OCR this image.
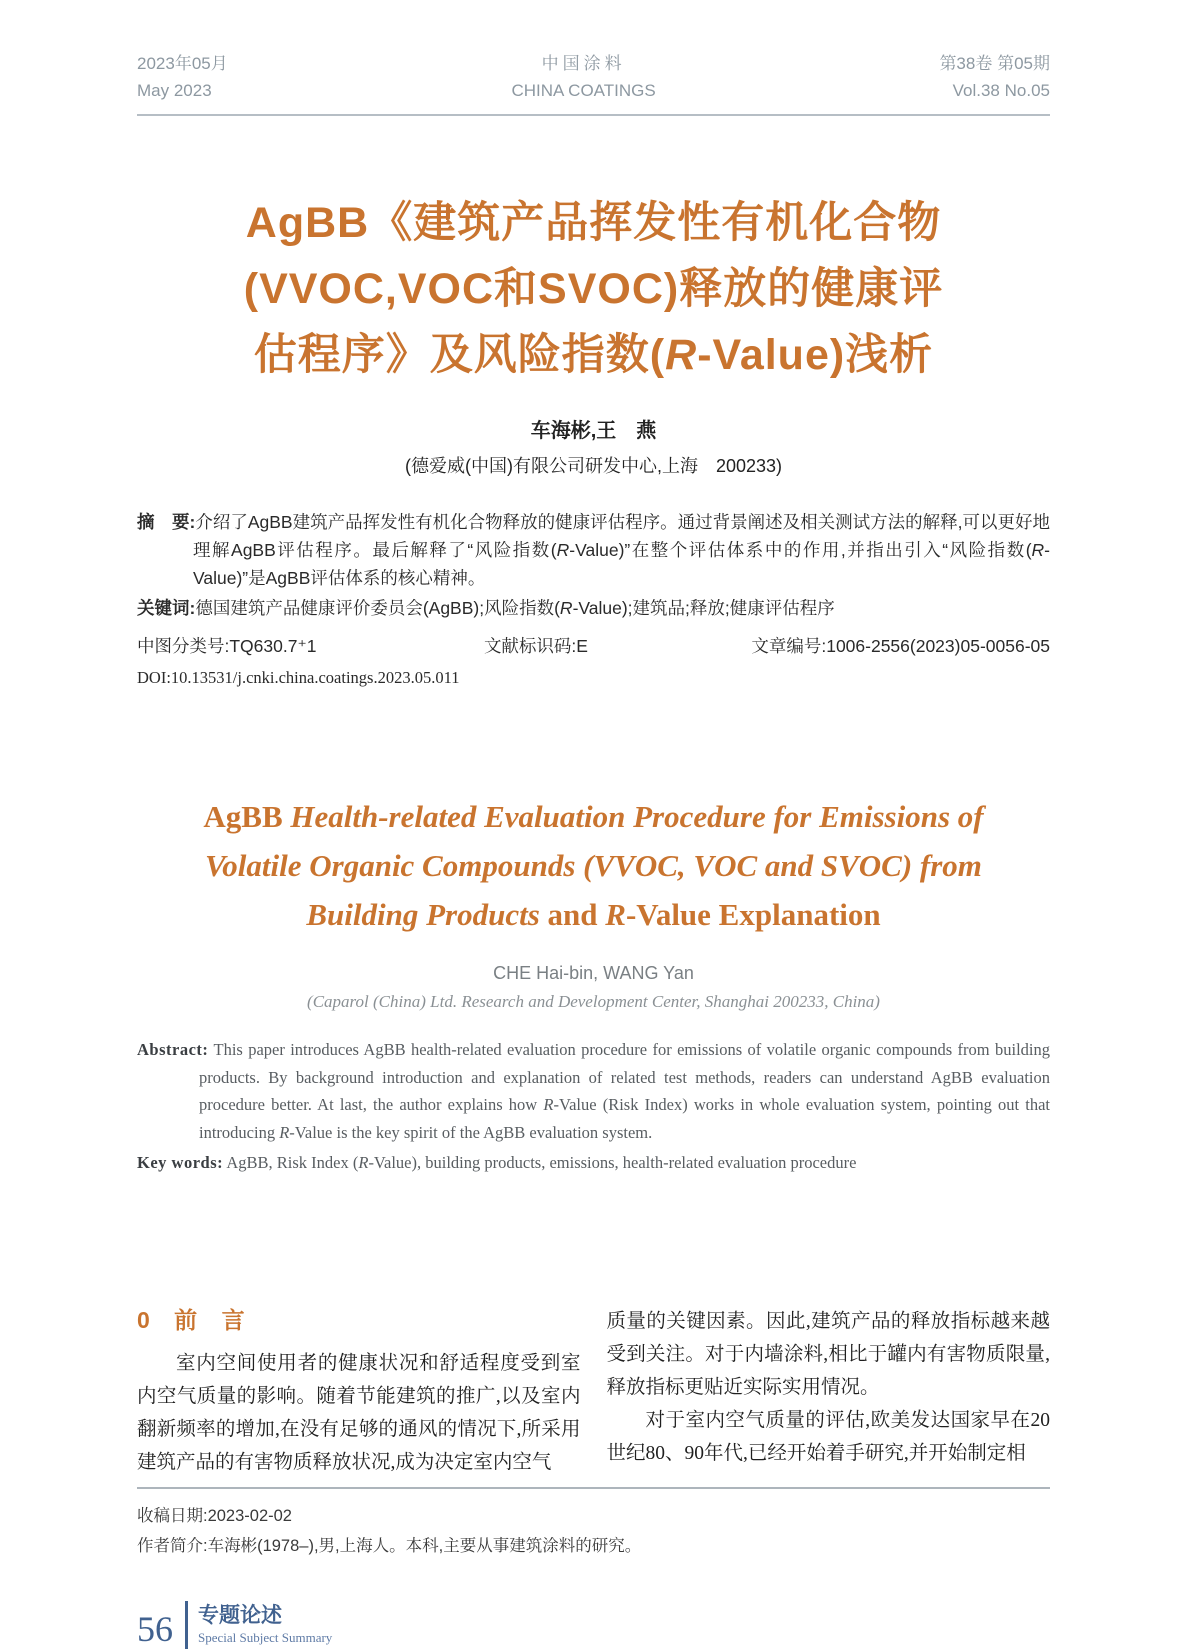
2023年05月
May 2023
中国涂料
CHINA COATINGS
第38卷 第05期
Vol.38 No.05
AgBB《建筑产品挥发性有机化合物
(VVOC,VOC和SVOC)释放的健康评
估程序》及风险指数(R-Value)浅析
车海彬,王　燕
(德爱威(中国)有限公司研发中心,上海　200233)
摘　要:介绍了AgBB建筑产品挥发性有机化合物释放的健康评估程序。通过背景阐述及相关测试方法的解释,可以更好地理解AgBB评估程序。最后解释了“风险指数(R-Value)”在整个评估体系中的作用,并指出引入“风险指数(R-Value)”是AgBB评估体系的核心精神。
关键词:德国建筑产品健康评价委员会(AgBB);风险指数(R-Value);建筑品;释放;健康评估程序
中图分类号:TQ630.7⁺1	文献标识码:E	文章编号:1006-2556(2023)05-0056-05
DOI:10.13531/j.cnki.china.coatings.2023.05.011
AgBB Health-related Evaluation Procedure for Emissions of
Volatile Organic Compounds (VVOC, VOC and SVOC) from
Building Products and R-Value Explanation
CHE Hai-bin, WANG Yan
(Caparol (China) Ltd. Research and Development Center, Shanghai 200233, China)
Abstract: This paper introduces AgBB health-related evaluation procedure for emissions of volatile organic compounds from building products. By background introduction and explanation of related test methods, readers can understand AgBB evaluation procedure better. At last, the author explains how R-Value (Risk Index) works in whole evaluation system, pointing out that introducing R-Value is the key spirit of the AgBB evaluation system.
Key words: AgBB, Risk Index (R-Value), building products, emissions, health-related evaluation procedure
0 前 言

室内空间使用者的健康状况和舒适程度受到室内空气质量的影响。随着节能建筑的推广,以及室内翻新频率的增加,在没有足够的通风的情况下,所采用建筑产品的有害物质释放状况,成为决定室内空气

质量的关键因素。因此,建筑产品的释放指标越来越受到关注。对于内墙涂料,相比于罐内有害物质限量,释放指标更贴近实际实用情况。

对于室内空气质量的评估,欧美发达国家早在20世纪80、90年代,已经开始着手研究,并开始制定相

收稿日期:2023-02-02
作者简介:车海彬(1978–),男,上海人。本科,主要从事建筑涂料的研究。
56 专题论述
Special Subject Summary
